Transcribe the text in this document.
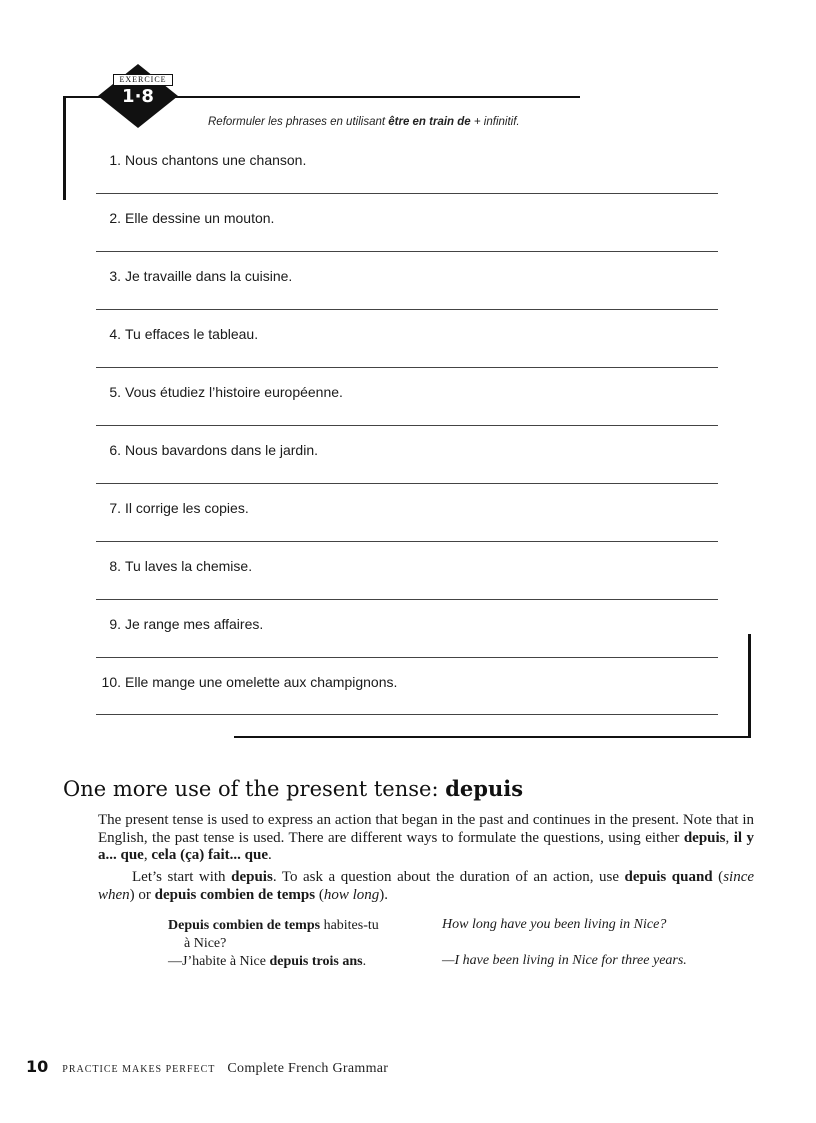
EXERCICE
1·8
Reformuler les phrases en utilisant être en train de + infinitif.
1. Nous chantons une chanson.
2. Elle dessine un mouton.
3. Je travaille dans la cuisine.
4. Tu effaces le tableau.
5. Vous étudiez l’histoire européenne.
6. Nous bavardons dans le jardin.
7. Il corrige les copies.
8. Tu laves la chemise.
9. Je range mes affaires.
10. Elle mange une omelette aux champignons.
One more use of the present tense: depuis
The present tense is used to express an action that began in the past and continues in the present. Note that in English, the past tense is used. There are different ways to formulate the questions, using either depuis, il y a... que, cela (ça) fait... que.
Let’s start with depuis. To ask a question about the duration of an action, use depuis quand (since when) or depuis combien de temps (how long).
Depuis combien de temps habites-tu
à Nice?
How long have you been living in Nice?
—J’habite à Nice depuis trois ans.	—I have been living in Nice for three years.
10 PRACTICE MAKES PERFECT Complete French Grammar
